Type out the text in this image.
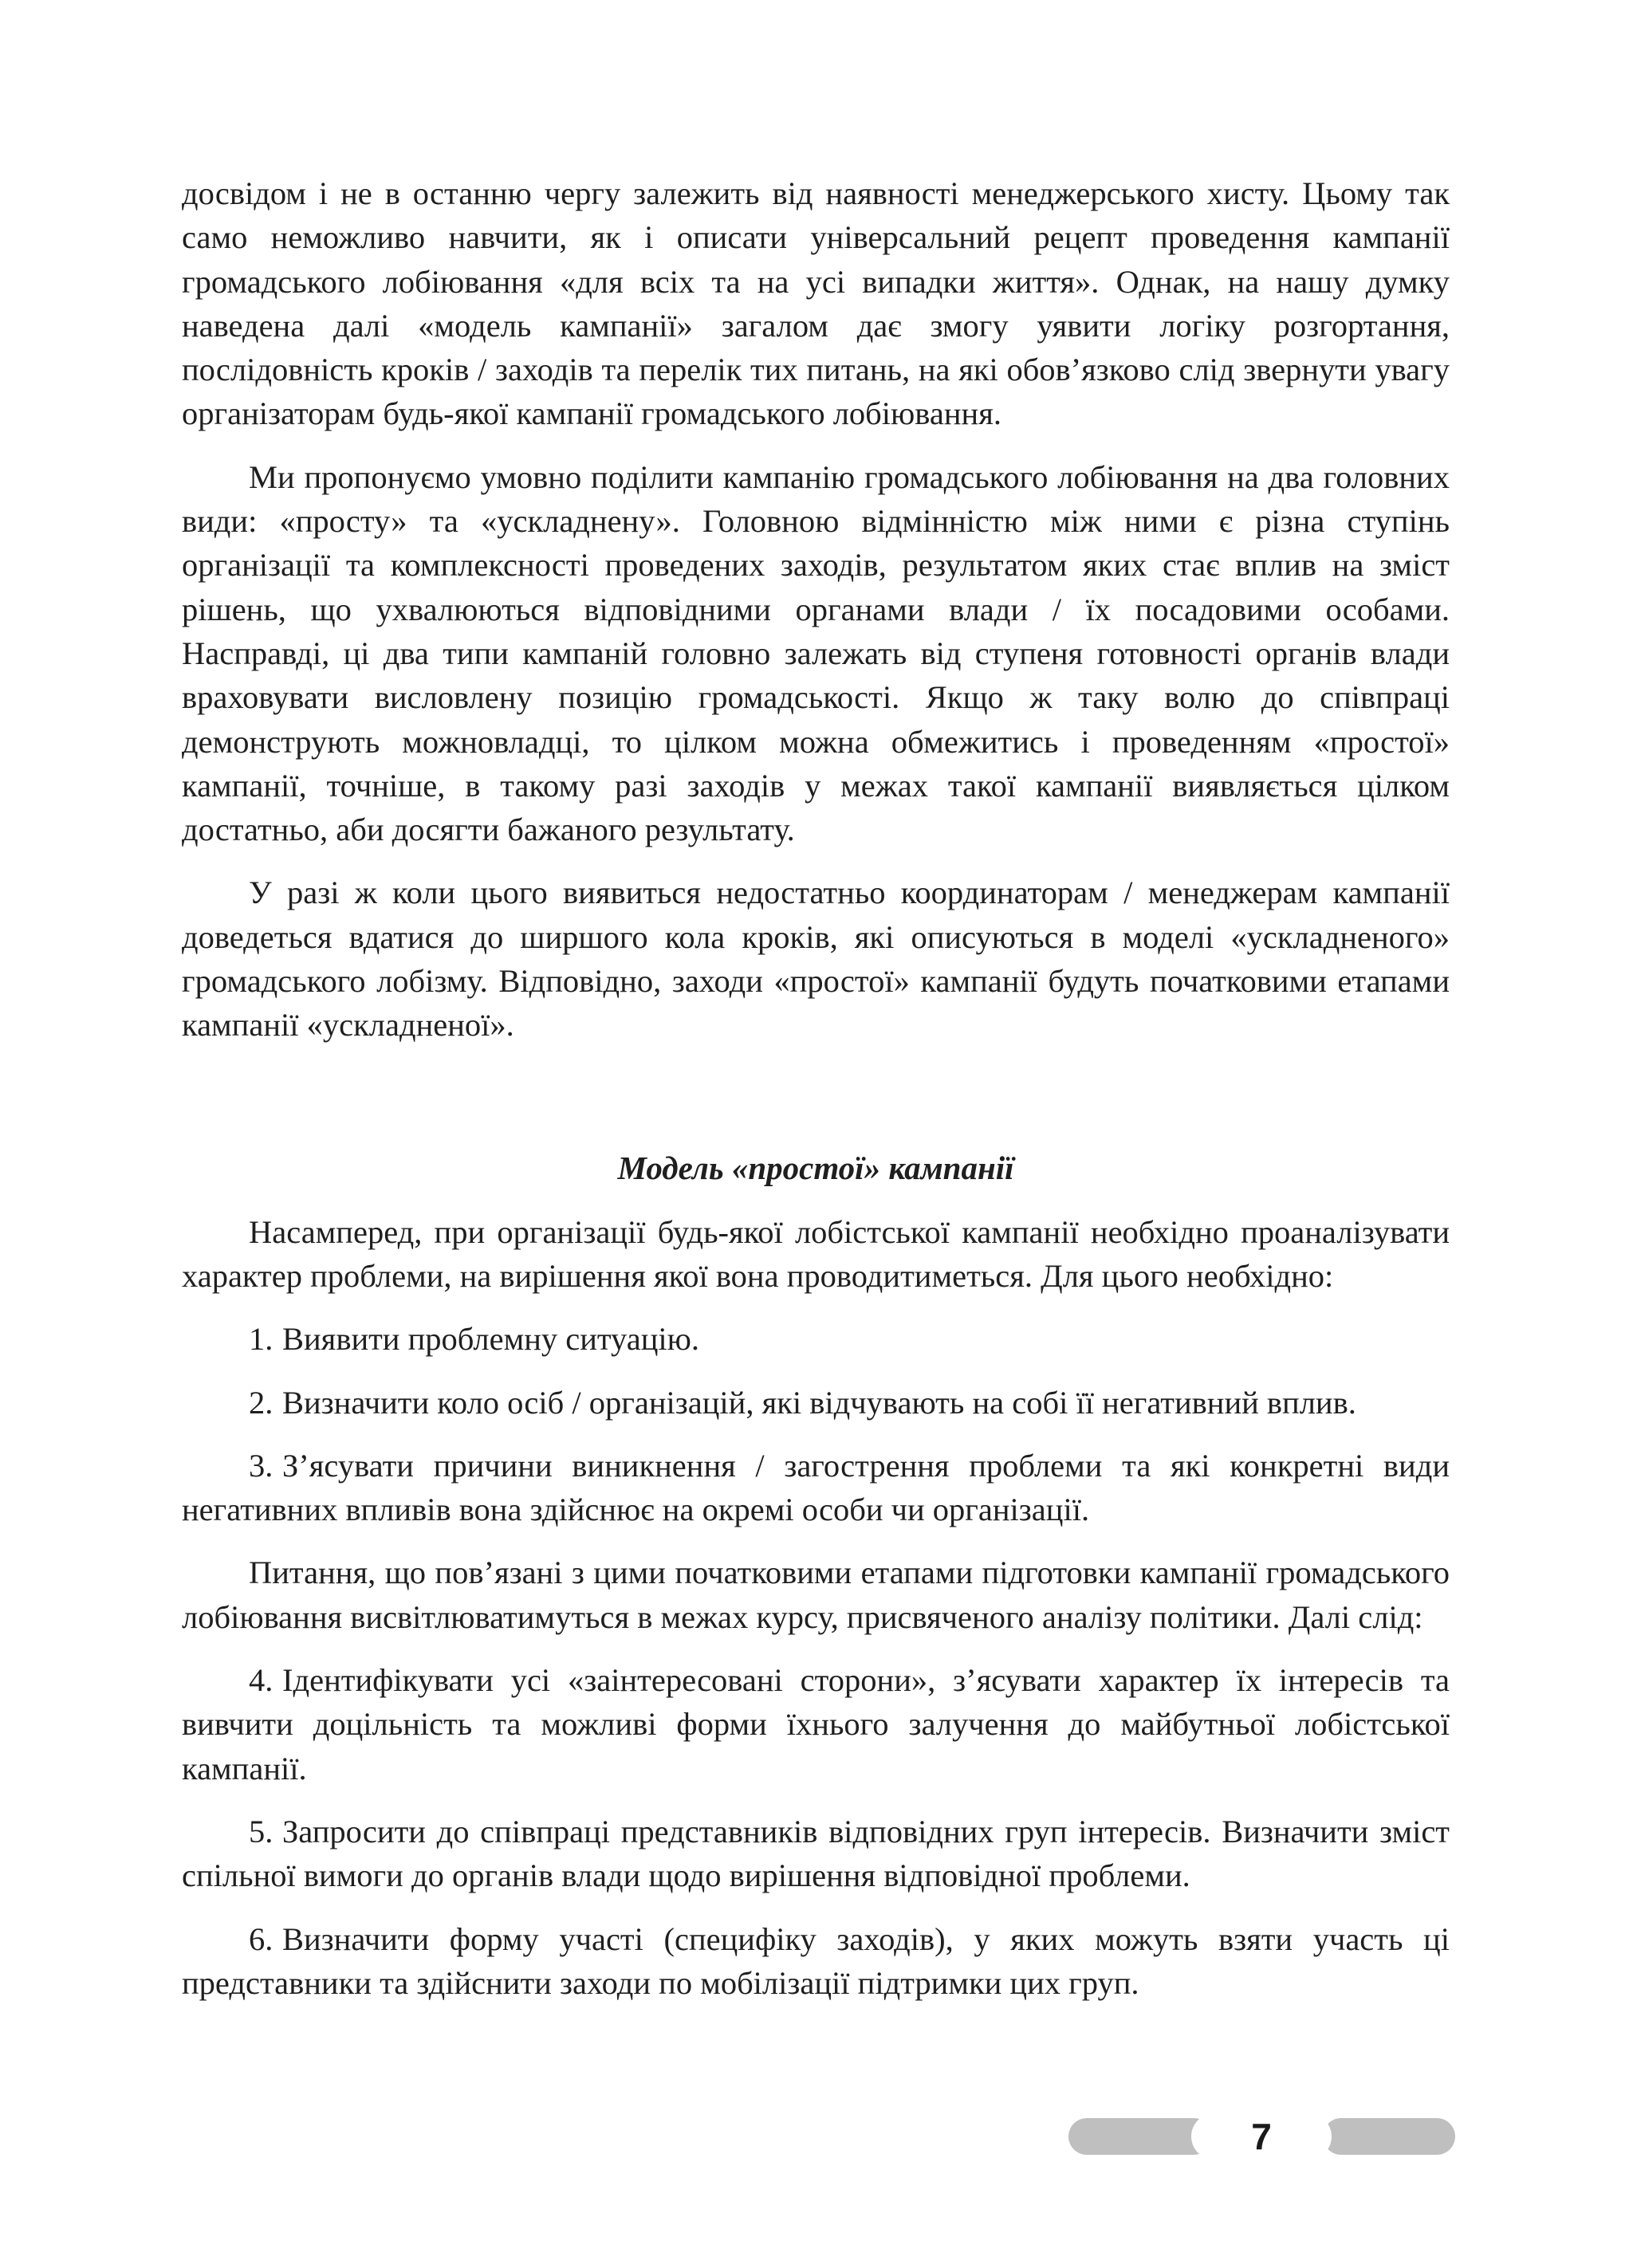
досвідом і не в останню чергу залежить від наявності менеджерського хисту. Цьому так само неможливо навчити, як і описати універсальний рецепт проведення кампанії громадського лобіювання «для всіх та на усі випадки життя». Однак, на нашу думку наведена далі «модель кампанії» загалом дає змогу уявити логіку розгортання, послідовність кроків / заходів та перелік тих питань, на які обов’язково слід звернути увагу організаторам будь-якої кампанії громадського лобіювання.

Ми пропонуємо умовно поділити кампанію громадського лобіювання на два головних види: «просту» та «ускладнену». Головною відмінністю між ними є різна ступінь організації та комплексності проведених заходів, результатом яких стає вплив на зміст рішень, що ухвалюються відповідними органами влади / їх посадовими особами. Насправді, ці два типи кампаній головно залежать від ступеня готовності органів влади враховувати висловлену позицію громадськості. Якщо ж таку волю до співпраці демонструють можновладці, то цілком можна обмежитись і проведенням «простої» кампанії, точніше, в такому разі заходів у межах такої кампанії виявляється цілком достатньо, аби досягти бажаного результату.

У разі ж коли цього виявиться недостатньо координаторам / менеджерам кампанії доведеться вдатися до ширшого кола кроків, які описуються в моделі «ускладненого» громадського лобізму. Відповідно, заходи «простої» кампанії будуть початковими етапами кампанії «ускладненої».

Модель «простої» кампанії

Насамперед, при організації будь-якої лобістської кампанії необхідно проаналізувати характер проблеми, на вирішення якої вона проводитиметься. Для цього необхідно:

1. Виявити проблемну ситуацію.

2. Визначити коло осіб / організацій, які відчувають на собі її негативний вплив.

3. З’ясувати причини виникнення / загострення проблеми та які конкретні види негативних впливів вона здійснює на окремі особи чи організації.

Питання, що пов’язані з цими початковими етапами підготовки кампанії громадського лобіювання висвітлюватимуться в межах курсу, присвяченого аналізу політики. Далі слід:

4. Ідентифікувати усі «заінтересовані сторони», з’ясувати характер їх інтересів та вивчити доцільність та можливі форми їхнього залучення до майбутньої лобістської кампанії.

5. Запросити до співпраці представників відповідних груп інтересів. Визначити зміст спільної вимоги до органів влади щодо вирішення відповідної проблеми.

6. Визначити форму участі (специфіку заходів), у яких можуть взяти участь ці представники та здійснити заходи по мобілізації підтримки цих груп.

7
